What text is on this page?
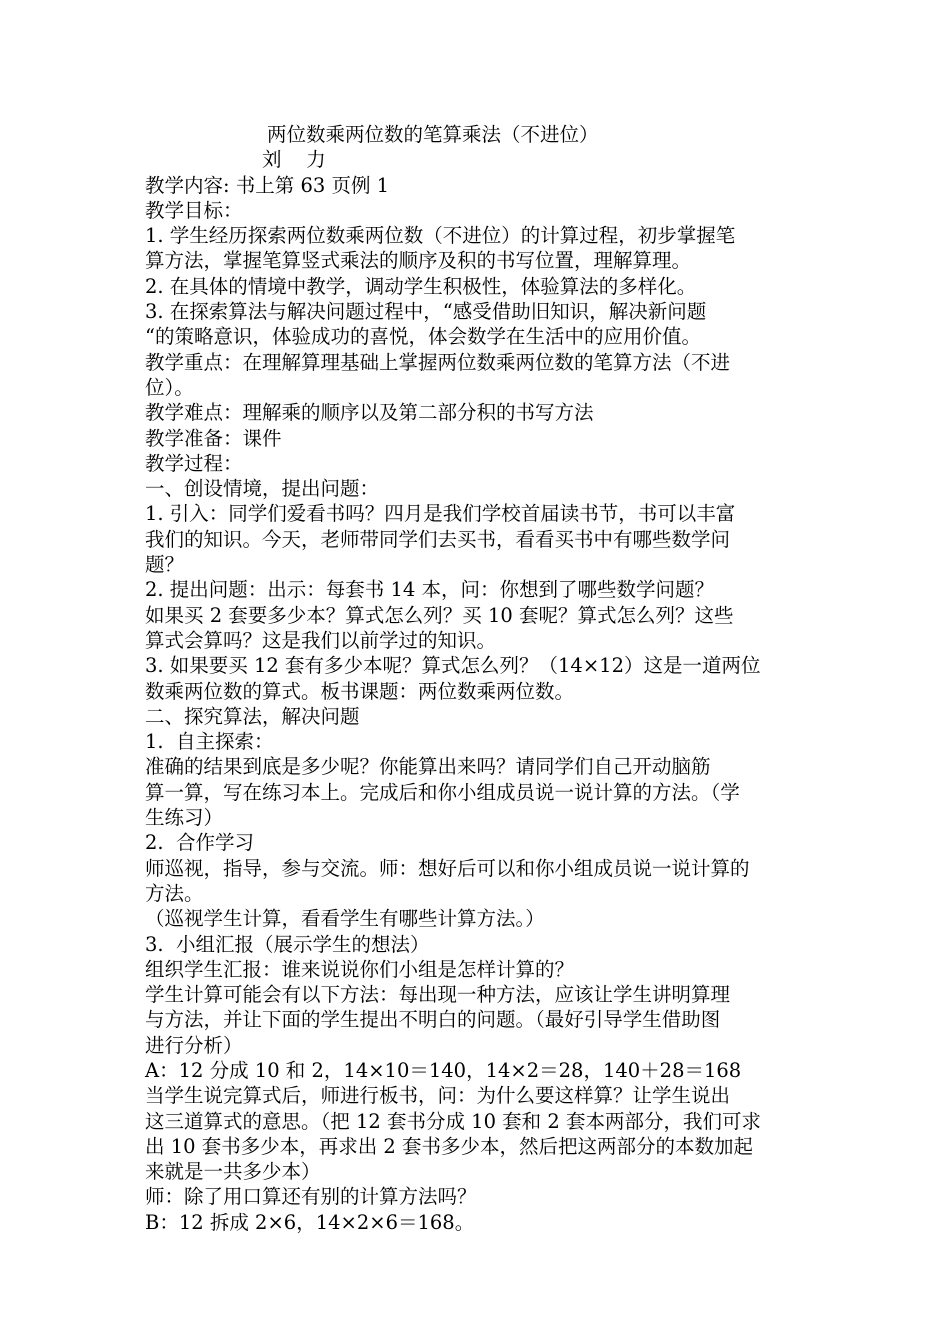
两位数乘两位数的笔算乘法（不进位）
刘    力
教学内容: 书上第 63 页例 1
教学目标：
1. 学生经历探索两位数乘两位数（不进位）的计算过程，初步掌握笔
算方法，掌握笔算竖式乘法的顺序及积的书写位置，理解算理。
2. 在具体的情境中教学，调动学生积极性，体验算法的多样化。
3. 在探索算法与解决问题过程中，“感受借助旧知识，解决新问题
“的策略意识，体验成功的喜悦，体会数学在生活中的应用价值。
教学重点：在理解算理基础上掌握两位数乘两位数的笔算方法（不进
位）。
教学难点：理解乘的顺序以及第二部分积的书写方法
教学准备：课件
教学过程：
一、创设情境，提出问题：
1. 引入：同学们爱看书吗？四月是我们学校首届读书节，书可以丰富
我们的知识。今天，老师带同学们去买书，看看买书中有哪些数学问
题？
2. 提出问题：出示：每套书 14 本，问：你想到了哪些数学问题？
如果买 2 套要多少本？算式怎么列？买 10 套呢？算式怎么列？这些
算式会算吗？这是我们以前学过的知识。
3. 如果要买 12 套有多少本呢？算式怎么列？（14×12）这是一道两位
数乘两位数的算式。板书课题：两位数乘两位数。
二、探究算法，解决问题
1.  自主探索：
准确的结果到底是多少呢？你能算出来吗？请同学们自己开动脑筋
算一算，写在练习本上。完成后和你小组成员说一说计算的方法。（学
生练习）
2.  合作学习
师巡视，指导，参与交流。师：想好后可以和你小组成员说一说计算的
方法。
（巡视学生计算，看看学生有哪些计算方法。）
3.  小组汇报（展示学生的想法）
组织学生汇报：谁来说说你们小组是怎样计算的？
学生计算可能会有以下方法：每出现一种方法，应该让学生讲明算理
与方法，并让下面的学生提出不明白的问题。（最好引导学生借助图
进行分析）
A：12 分成 10 和 2，14×10＝140，14×2＝28，140＋28＝168
当学生说完算式后，师进行板书，问：为什么要这样算？让学生说出
这三道算式的意思。（把 12 套书分成 10 套和 2 套本两部分，我们可求
出 10 套书多少本，再求出 2 套书多少本，然后把这两部分的本数加起
来就是一共多少本）
师：除了用口算还有别的计算方法吗？
B：12 拆成 2×6，14×2×6＝168。
